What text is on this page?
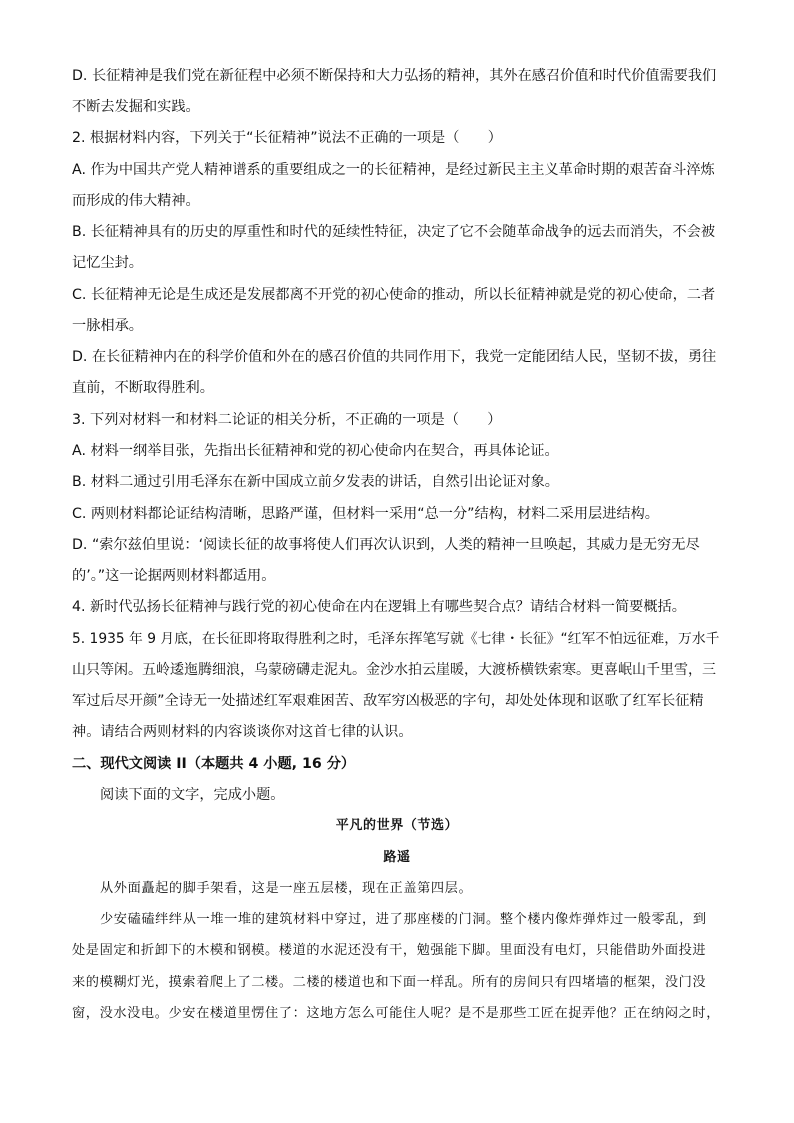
D. 长征精神是我们党在新征程中必须不断保持和大力弘扬的精神，其外在感召价值和时代价值需要我们
不断去发掘和实践。
2. 根据材料内容，下列关于“长征精神”说法不正确的一项是（　　）
A. 作为中国共产党人精神谱系的重要组成之一的长征精神，是经过新民主主义革命时期的艰苦奋斗淬炼
而形成的伟大精神。
B. 长征精神具有的历史的厚重性和时代的延续性特征，决定了它不会随革命战争的远去而消失，不会被
记忆尘封。
C. 长征精神无论是生成还是发展都离不开党的初心使命的推动，所以长征精神就是党的初心使命，二者
一脉相承。
D. 在长征精神内在的科学价值和外在的感召价值的共同作用下，我党一定能团结人民，坚韧不拔，勇往
直前，不断取得胜利。
3. 下列对材料一和材料二论证的相关分析，不正确的一项是（　　）
A. 材料一纲举目张，先指出长征精神和党的初心使命内在契合，再具体论证。
B. 材料二通过引用毛泽东在新中国成立前夕发表的讲话，自然引出论证对象。
C. 两则材料都论证结构清晰，思路严谨，但材料一采用“总一分”结构，材料二采用层进结构。
D. “索尔兹伯里说：‘阅读长征的故事将使人们再次认识到，人类的精神一旦唤起，其威力是无穷无尽
的’。”这一论据两则材料都适用。
4. 新时代弘扬长征精神与践行党的初心使命在内在逻辑上有哪些契合点？请结合材料一简要概括。
5. 1935 年 9 月底，在长征即将取得胜利之时，毛泽东挥笔写就《七律・长征》“红军不怕远征难，万水千
山只等闲。五岭逶迤腾细浪，乌蒙磅礴走泥丸。金沙水拍云崖暖，大渡桥横铁索寒。更喜岷山千里雪，三
军过后尽开颜”全诗无一处描述红军艰难困苦、敌军穷凶极恶的字句，却处处体现和讴歌了红军长征精
神。请结合两则材料的内容谈谈你对这首七律的认识。
二、现代文阅读 II（本题共 4 小题, 16 分）
阅读下面的文字，完成小题。
平凡的世界（节选）
路遥
从外面矗起的脚手架看，这是一座五层楼，现在正盖第四层。
少安磕磕绊绊从一堆一堆的建筑材料中穿过，进了那座楼的门洞。整个楼内像炸弹炸过一般零乱，到
处是固定和折卸下的木模和钢模。楼道的水泥还没有干，勉强能下脚。里面没有电灯，只能借助外面投进
来的模糊灯光，摸索着爬上了二楼。二楼的楼道也和下面一样乱。所有的房间只有四堵墙的框架，没门没
窗，没水没电。少安在楼道里愣住了：这地方怎么可能住人呢？是不是那些工匠在捉弄他？正在纳闷之时，
